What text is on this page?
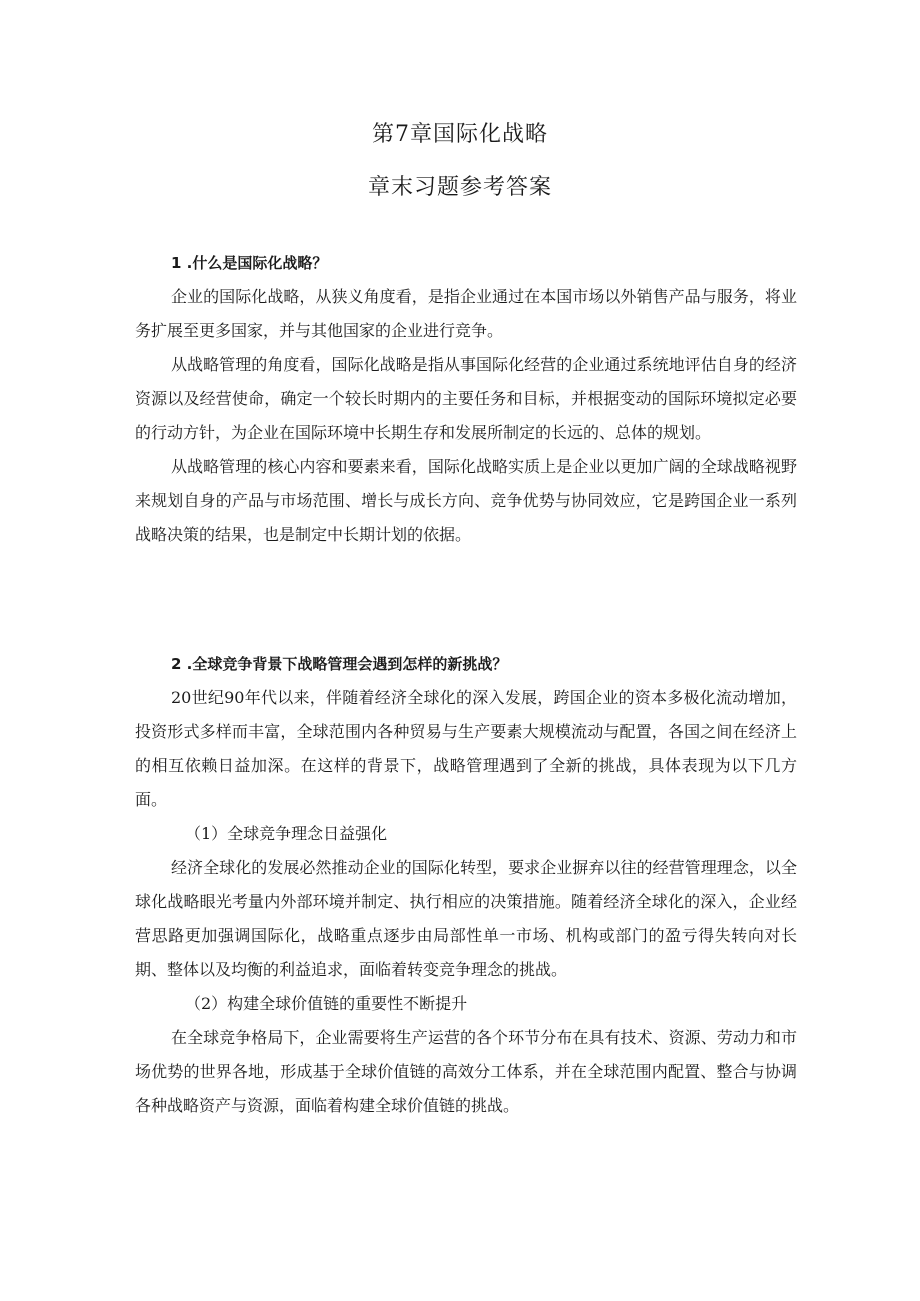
第7章国际化战略
章末习题参考答案

1 .什么是国际化战略？

企业的国际化战略，从狭义角度看，是指企业通过在本国市场以外销售产品与服务，将业务扩展至更多国家，并与其他国家的企业进行竞争。

从战略管理的角度看，国际化战略是指从事国际化经营的企业通过系统地评估自身的经济资源以及经营使命，确定一个较长时期内的主要任务和目标，并根据变动的国际环境拟定必要的行动方针，为企业在国际环境中长期生存和发展所制定的长远的、总体的规划。

从战略管理的核心内容和要素来看，国际化战略实质上是企业以更加广阔的全球战略视野来规划自身的产品与市场范围、增长与成长方向、竞争优势与协同效应，它是跨国企业一系列战略决策的结果，也是制定中长期计划的依据。

2 .全球竞争背景下战略管理会遇到怎样的新挑战？

20世纪90年代以来，伴随着经济全球化的深入发展，跨国企业的资本多极化流动增加，投资形式多样而丰富，全球范围内各种贸易与生产要素大规模流动与配置，各国之间在经济上的相互依赖日益加深。在这样的背景下，战略管理遇到了全新的挑战，具体表现为以下几方面。

（1）全球竞争理念日益强化

经济全球化的发展必然推动企业的国际化转型，要求企业摒弃以往的经营管理理念，以全球化战略眼光考量内外部环境并制定、执行相应的决策措施。随着经济全球化的深入，企业经营思路更加强调国际化，战略重点逐步由局部性单一市场、机构或部门的盈亏得失转向对长期、整体以及均衡的利益追求，面临着转变竞争理念的挑战。

（2）构建全球价值链的重要性不断提升

在全球竞争格局下，企业需要将生产运营的各个环节分布在具有技术、资源、劳动力和市场优势的世界各地，形成基于全球价值链的高效分工体系，并在全球范围内配置、整合与协调各种战略资产与资源，面临着构建全球价值链的挑战。
